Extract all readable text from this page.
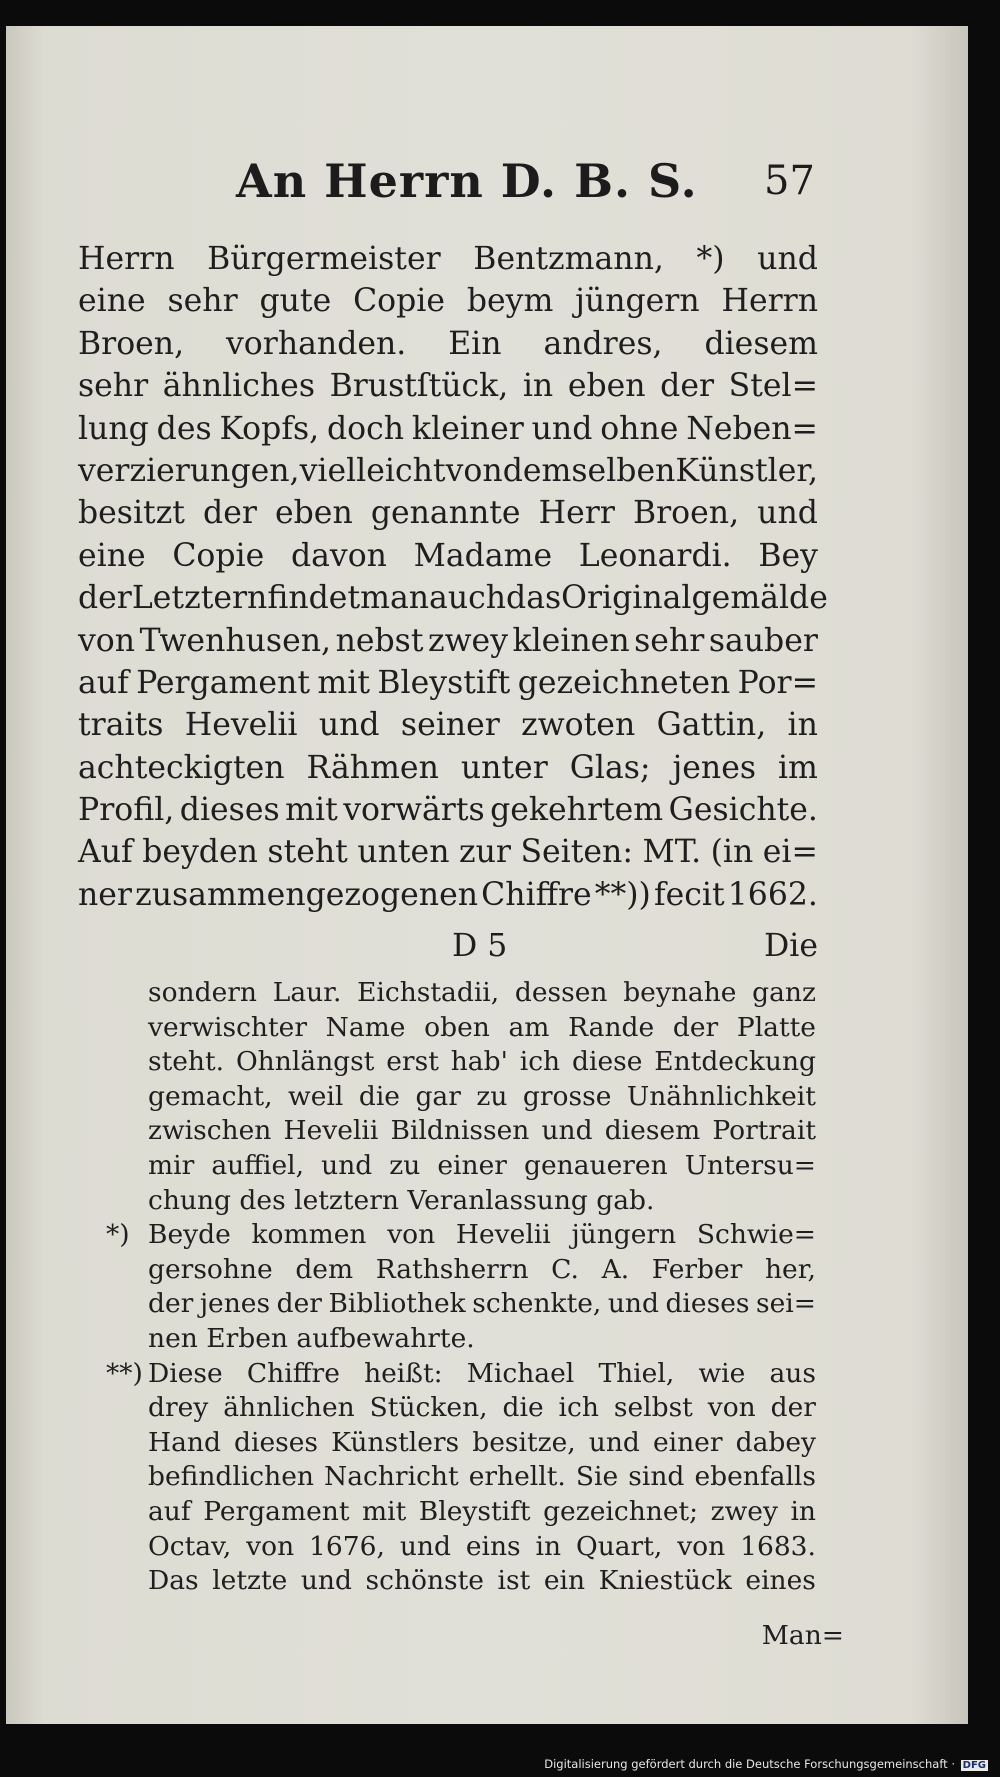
An Herrn D. B. S. 57
Herrn Bürgermeister Bentzmann, *) und
eine sehr gute Copie beym jüngern Herrn
Broen, vorhanden. Ein andres, diesem
sehr ähnliches Brustſtück, in eben der Stel=
lung des Kopfs, doch kleiner und ohne Neben=
verzierungen, vielleicht von demselben Künstler,
besitzt der eben genannte Herr Broen, und
eine Copie davon Madame Leonardi. Bey
der Letztern findet man auch das Originalgemälde
von Twenhusen, nebst zwey kleinen sehr sauber
auf Pergament mit Bleystift gezeichneten Por=
traits Hevelii und seiner zwoten Gattin, in
achteckigten Rähmen unter Glas; jenes im
Profil, dieses mit vorwärts gekehrtem Gesichte.
Auf beyden steht unten zur Seiten: MT. (in ei=
ner zusammengezogenen Chiffre **)) fecit 1662.
D 5	Die
sondern Laur. Eichstadii, dessen beynahe ganz
verwischter Name oben am Rande der Platte
steht. Ohnlängst erst hab' ich diese Entdeckung
gemacht, weil die gar zu grosse Unähnlichkeit
zwischen Hevelii Bildnissen und diesem Portrait
mir auffiel, und zu einer genaueren Untersu=
chung des letztern Veranlassung gab.
*) Beyde kommen von Hevelii jüngern Schwie=
gersohne dem Rathsherrn C. A. Ferber her,
der jenes der Bibliothek schenkte, und dieses sei=
nen Erben aufbewahrte.
**) Diese Chiffre heißt: Michael Thiel, wie aus
drey ähnlichen Stücken, die ich selbst von der
Hand dieses Künstlers besitze, und einer dabey
befindlichen Nachricht erhellt. Sie sind ebenfalls
auf Pergament mit Bleystift gezeichnet; zwey in
Octav, von 1676, und eins in Quart, von 1683.
Das letzte und schönste ist ein Kniestück eines
Man=
Digitalisierung gefördert durch die Deutsche Forschungsgemeinschaft · DFG
